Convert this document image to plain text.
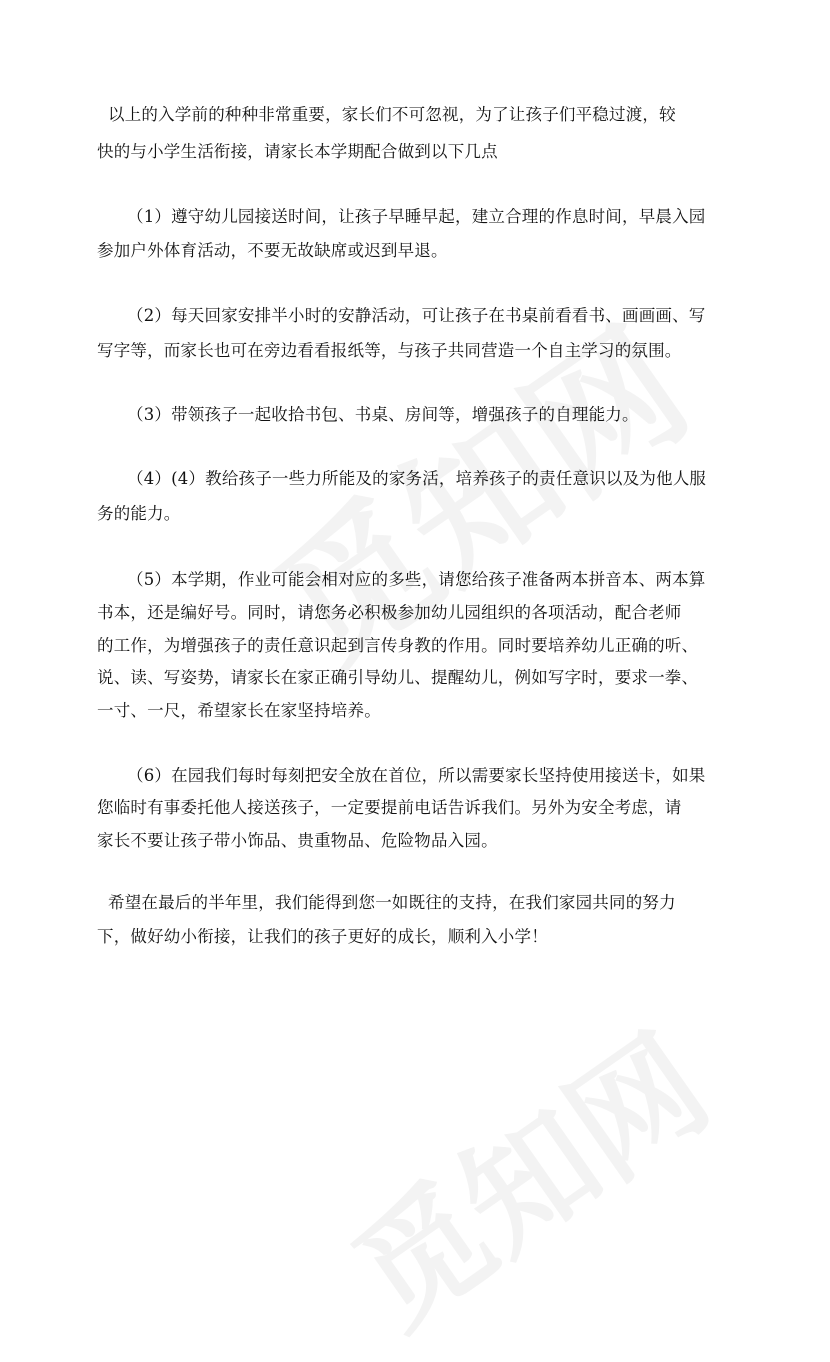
以上的入学前的种种非常重要，家长们不可忽视，为了让孩子们平稳过渡，较
快的与小学生活衔接，请家长本学期配合做到以下几点
（1）遵守幼儿园接送时间，让孩子早睡早起，建立合理的作息时间，早晨入园
参加户外体育活动，不要无故缺席或迟到早退。
（2）每天回家安排半小时的安静活动，可让孩子在书桌前看看书、画画画、写
写字等，而家长也可在旁边看看报纸等，与孩子共同营造一个自主学习的氛围。
（3）带领孩子一起收拾书包、书桌、房间等，增强孩子的自理能力。
（4）(4）教给孩子一些力所能及的家务活，培养孩子的责任意识以及为他人服
务的能力。
（5）本学期，作业可能会相对应的多些，请您给孩子准备两本拼音本、两本算
书本，还是编好号。同时，请您务必积极参加幼儿园组织的各项活动，配合老师
的工作，为增强孩子的责任意识起到言传身教的作用。同时要培养幼儿正确的听、
说、读、写姿势，请家长在家正确引导幼儿、提醒幼儿，例如写字时，要求一拳、
一寸、一尺，希望家长在家坚持培养。
（6）在园我们每时每刻把安全放在首位，所以需要家长坚持使用接送卡，如果
您临时有事委托他人接送孩子，一定要提前电话告诉我们。另外为安全考虑，请
家长不要让孩子带小饰品、贵重物品、危险物品入园。
希望在最后的半年里，我们能得到您一如既往的支持，在我们家园共同的努力
下，做好幼小衔接，让我们的孩子更好的成长，顺利入小学！
